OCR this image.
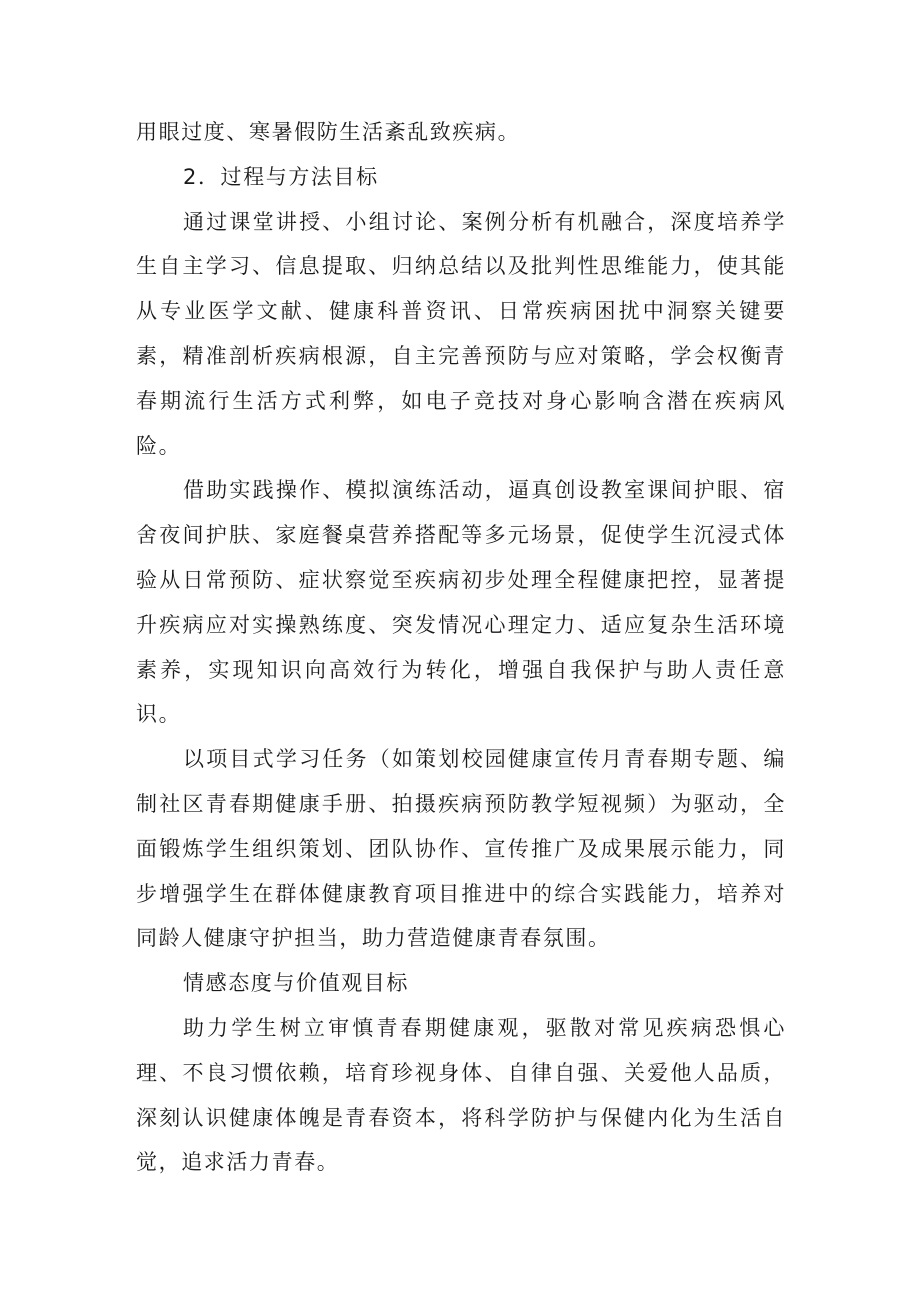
用眼过度、寒暑假防生活紊乱致疾病。

2．过程与方法目标

通过课堂讲授、小组讨论、案例分析有机融合，深度培养学生自主学习、信息提取、归纳总结以及批判性思维能力，使其能从专业医学文献、健康科普资讯、日常疾病困扰中洞察关键要素，精准剖析疾病根源，自主完善预防与应对策略，学会权衡青春期流行生活方式利弊，如电子竞技对身心影响含潜在疾病风险。

借助实践操作、模拟演练活动，逼真创设教室课间护眼、宿舍夜间护肤、家庭餐桌营养搭配等多元场景，促使学生沉浸式体验从日常预防、症状察觉至疾病初步处理全程健康把控，显著提升疾病应对实操熟练度、突发情况心理定力、适应复杂生活环境素养，实现知识向高效行为转化，增强自我保护与助人责任意识。

以项目式学习任务（如策划校园健康宣传月青春期专题、编制社区青春期健康手册、拍摄疾病预防教学短视频）为驱动，全面锻炼学生组织策划、团队协作、宣传推广及成果展示能力，同步增强学生在群体健康教育项目推进中的综合实践能力，培养对同龄人健康守护担当，助力营造健康青春氛围。

情感态度与价值观目标

助力学生树立审慎青春期健康观，驱散对常见疾病恐惧心理、不良习惯依赖，培育珍视身体、自律自强、关爱他人品质，深刻认识健康体魄是青春资本，将科学防护与保健内化为生活自觉，追求活力青春。
